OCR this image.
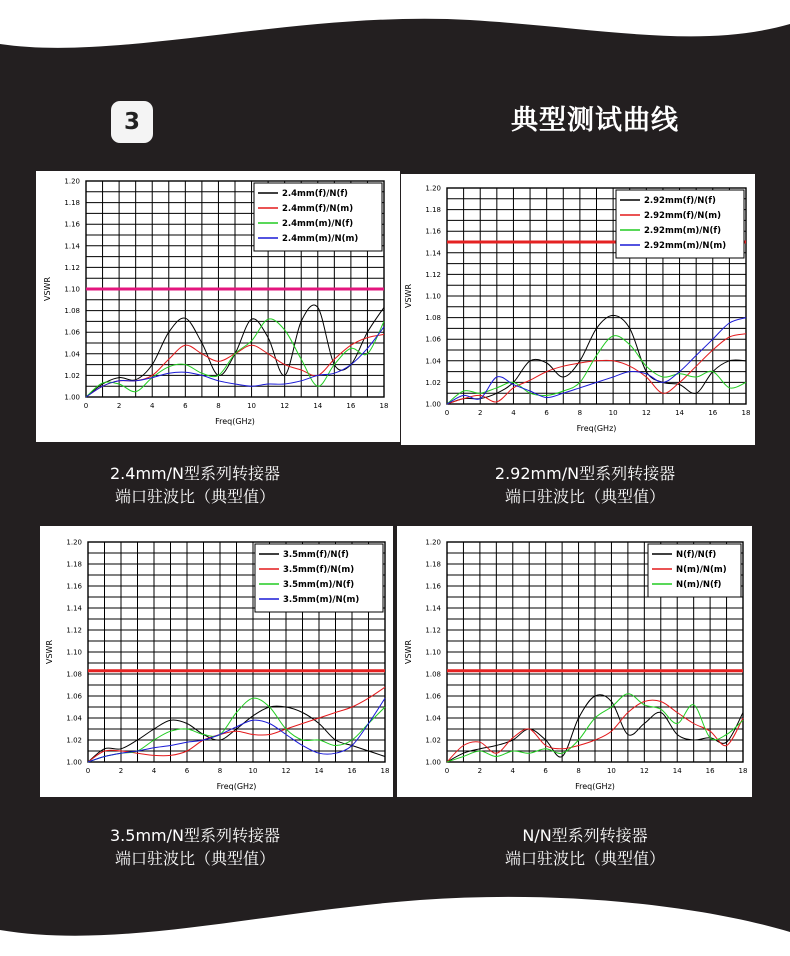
3	典型测试曲线
0	2	4	6	8	10	12	14	16	18
1.00
1.02
1.04
1.06
1.08
1.10
1.12
1.14
1.16
1.18
1.20
Freq(GHz)
VSWR
2.4mm(f)/N(f)
2.4mm(f)/N(m)
2.4mm(m)/N(f)
2.4mm(m)/N(m)
0	2	4	6	8	10	12	14	16	18
1.00
1.02
1.04
1.06
1.08
1.10
1.12
1.14
1.16
1.18
1.20
Freq(GHz)
VSWR
2.92mm(f)/N(f)
2.92mm(f)/N(m)
2.92mm(m)/N(f)
2.92mm(m)/N(m)
0	2	4	6	8	10	12	14	16	18
1.00
1.02
1.04
1.06
1.08
1.10
1.12
1.14
1.16
1.18
1.20
Freq(GHz)
VSWR
3.5mm(f)/N(f)
3.5mm(f)/N(m)
3.5mm(m)/N(f)
3.5mm(m)/N(m)
0	2	4	6	8	10	12	14	16	18
1.00
1.02
1.04
1.06
1.08
1.10
1.12
1.14
1.16
1.18
1.20
Freq(GHz)
VSWR
N(f)/N(f)
N(m)/N(m)
N(m)/N(f)
2.4mm/N型系列转接器
端口驻波比（典型值）
2.92mm/N型系列转接器
端口驻波比（典型值）
3.5mm/N型系列转接器
端口驻波比（典型值）
N/N型系列转接器
端口驻波比（典型值）
